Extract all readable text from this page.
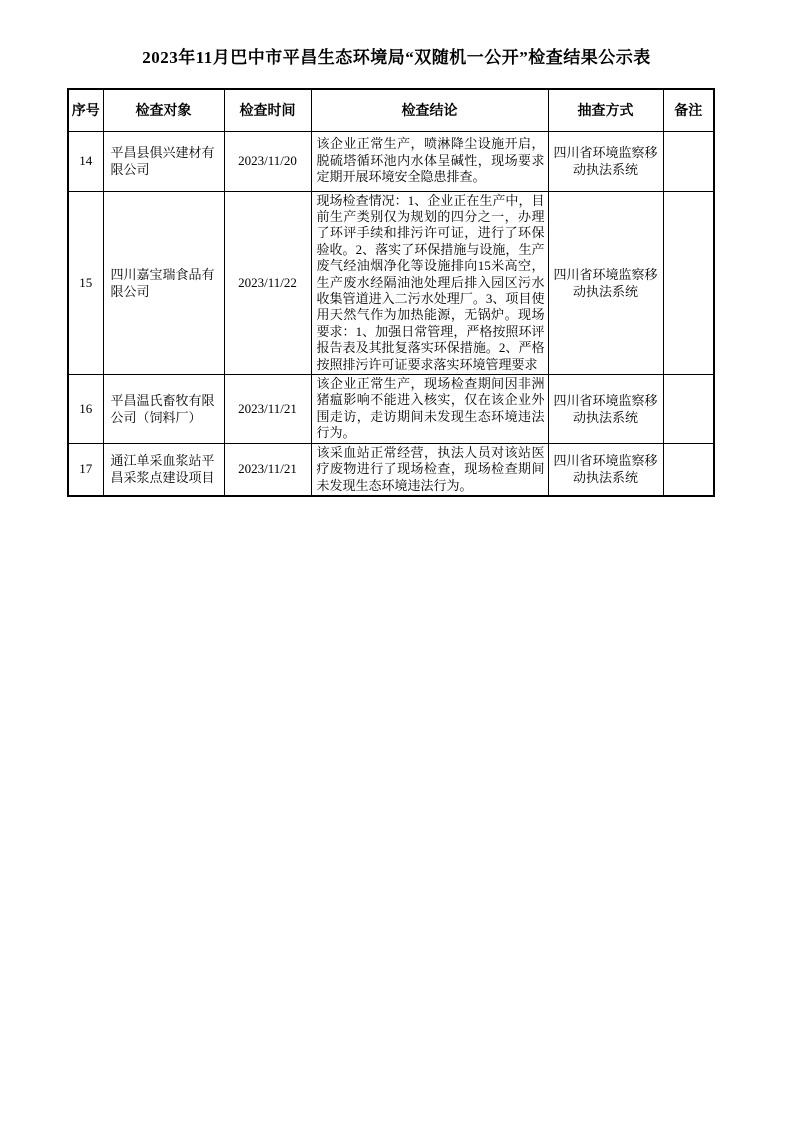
2023年11月巴中市平昌生态环境局“双随机一公开”检查结果公示表
序号	检查对象	检查时间	检查结论	抽查方式	备注
14	平昌县俱兴建材有限公司	2023/11/20	该企业正常生产，喷淋降尘设施开启，脱硫塔循环池内水体呈碱性，现场要求定期开展环境安全隐患排查。	四川省环境监察移动执法系统	
15	四川嘉宝瑞食品有限公司	2023/11/22	现场检查情况：1、企业正在生产中，目前生产类别仅为规划的四分之一，办理了环评手续和排污许可证，进行了环保验收。2、落实了环保措施与设施，生产废气经油烟净化等设施排向15米高空，生产废水经隔油池处理后排入园区污水收集管道进入二污水处理厂。3、项目使用天然气作为加热能源，无锅炉。现场要求：1、加强日常管理，严格按照环评报告表及其批复落实环保措施。2、严格按照排污许可证要求落实环境管理要求	四川省环境监察移动执法系统	
16	平昌温氏畜牧有限公司（饲料厂）	2023/11/21	该企业正常生产，现场检查期间因非洲猪瘟影响不能进入核实，仅在该企业外围走访，走访期间未发现生态环境违法行为。	四川省环境监察移动执法系统	
17	通江单采血浆站平昌采浆点建设项目	2023/11/21	该采血站正常经营，执法人员对该站医疗废物进行了现场检查，现场检查期间未发现生态环境违法行为。	四川省环境监察移动执法系统	
